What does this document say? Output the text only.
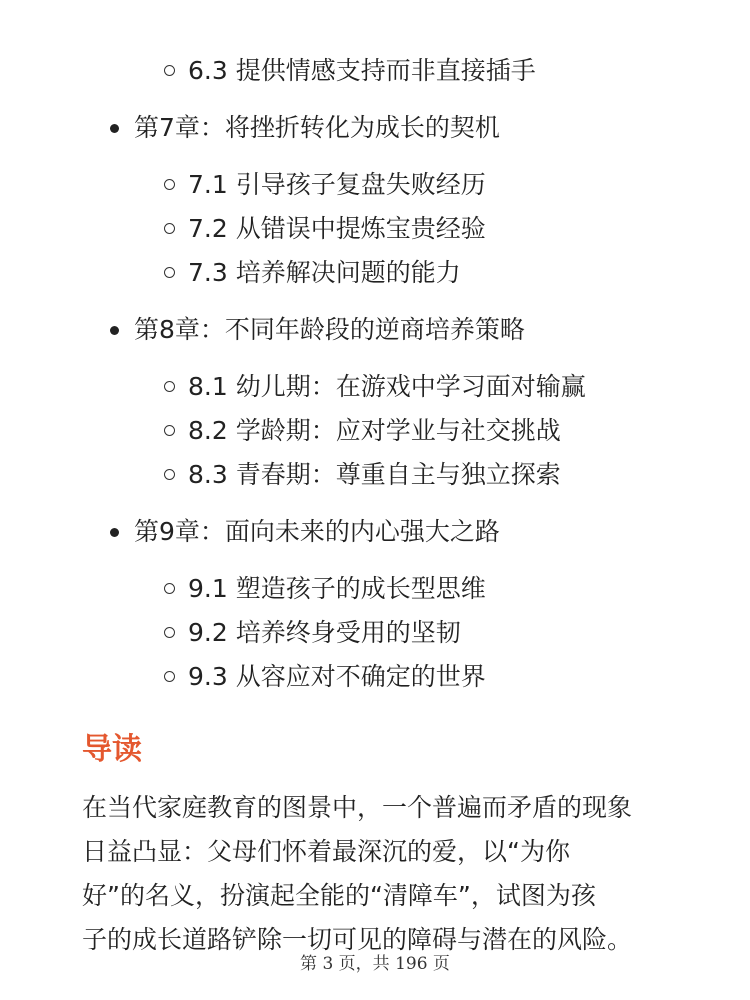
6.3 提供情感支持而非直接插手
第7章：将挫折转化为成长的契机
7.1 引导孩子复盘失败经历
7.2 从错误中提炼宝贵经验
7.3 培养解决问题的能力
第8章：不同年龄段的逆商培养策略
8.1 幼儿期：在游戏中学习面对输赢
8.2 学龄期：应对学业与社交挑战
8.3 青春期：尊重自主与独立探索
第9章：面向未来的内心强大之路
9.1 塑造孩子的成长型思维
9.2 培养终身受用的坚韧
9.3 从容应对不确定的世界
导读

在当代家庭教育的图景中，一个普遍而矛盾的现象
日益凸显：父母们怀着最深沉的爱，以“为你
好”的名义，扮演起全能的“清障车”，试图为孩
子的成长道路铲除一切可见的障碍与潜在的风险。

第 3 页，共 196 页
